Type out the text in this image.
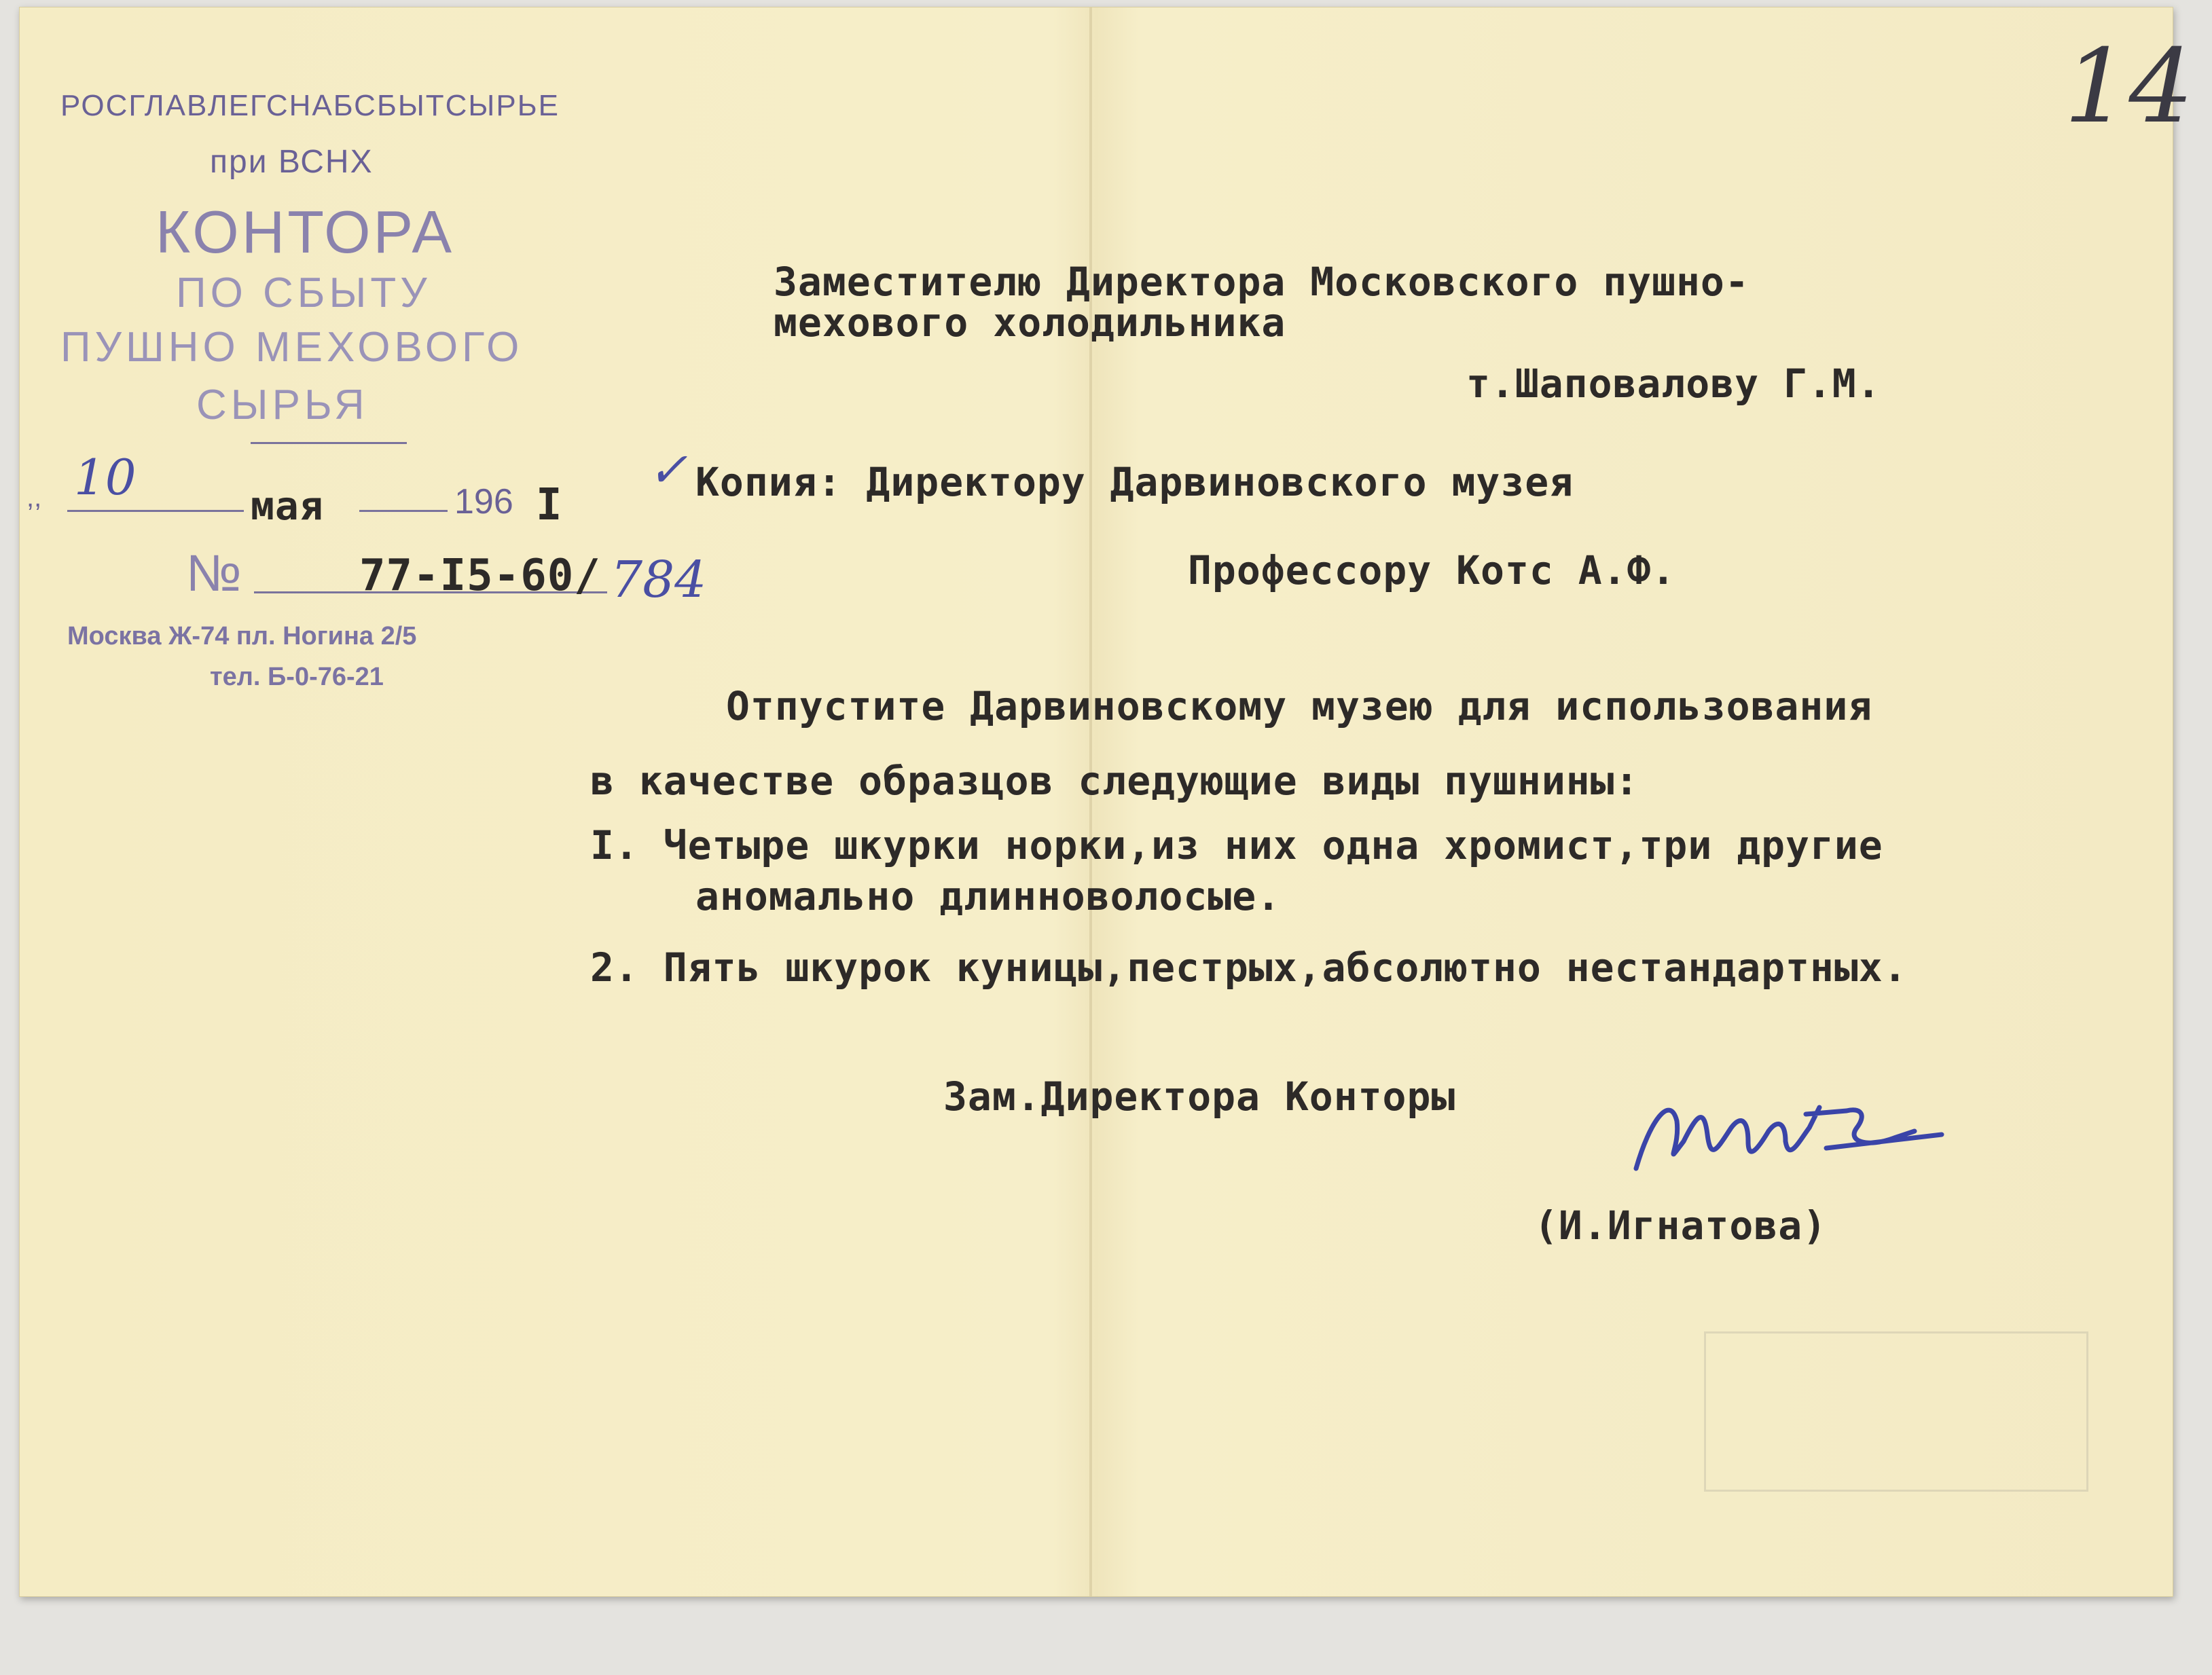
РОСГЛАВЛЕГСНАБСБЫТСЫРЬЕ
при ВСНХ
КОНТОРА
ПО СБЫТУ
ПУШНО МЕХОВОГО
СЫРЬЯ
,, 10	мая	196 I
№	77-I5-60/ 784
Москва Ж-74 пл. Ногина 2/5
тел. Б-0-76-21
14
Заместителю Директора Московского пушно-
мехового холодильника
т.Шаповалову Г.М.
✓ Копия: Директору Дарвиновского музея
Профессору Котс А.Ф.
Отпустите Дарвиновскому музею для использования
в качестве образцов следующие виды пушнины:
I. Четыре шкурки норки,из них одна хромист,три другие
аномально длинноволосые.
2. Пять шкурок куницы,пестрых,абсолютно нестандартных.
Зам.Директора Конторы
(И.Игнатова)
